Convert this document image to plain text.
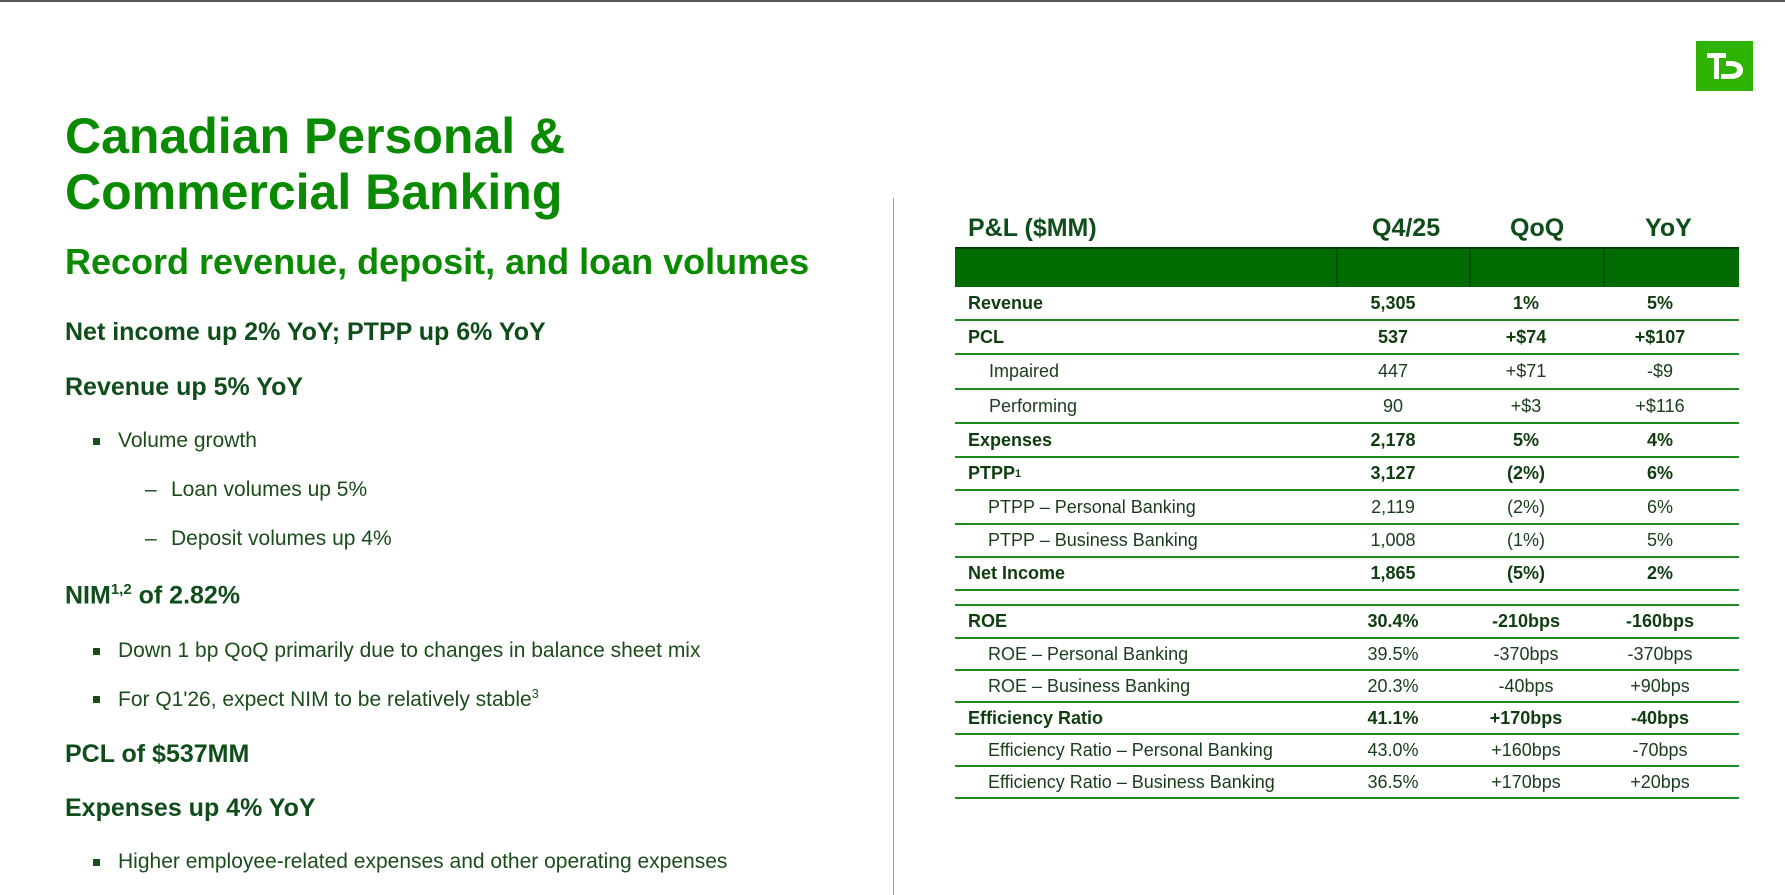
Canadian Personal &
Commercial Banking
Record revenue, deposit, and loan volumes
Net income up 2% YoY; PTPP up 6% YoY
Revenue up 5% YoY
Volume growth
– Loan volumes up 5%
– Deposit volumes up 4%
NIM$^{1,2}$ of 2.82%
Down 1 bp QoQ primarily due to changes in balance sheet mix
For Q1'26, expect NIM to be relatively stable$^3$
PCL of $537MM
Expenses up 4% YoY
Higher employee-related expenses and other operating expenses
P&L ($MM)	Q4/25	QoQ	YoY
Revenue	5,305	1%	5%
PCL	537	+$74	+$107
Impaired	447	+$71	-$9
Performing	90	+$3	+$116
Expenses	2,178	5%	4%
PTPP 1	3,127	(2%)	6%
PTPP – Personal Banking	2,119	(2%)	6%
PTPP – Business Banking	1,008	(1%)	5%
Net Income	1,865	(5%)	2%
ROE	30.4%	-210bps	-160bps
ROE – Personal Banking	39.5%	-370bps	-370bps
ROE – Business Banking	20.3%	-40bps	+90bps
Efficiency Ratio	41.1%	+170bps	-40bps
Efficiency Ratio – Personal Banking	43.0%	+160bps	-70bps
Efficiency Ratio – Business Banking	36.5%	+170bps	+20bps
